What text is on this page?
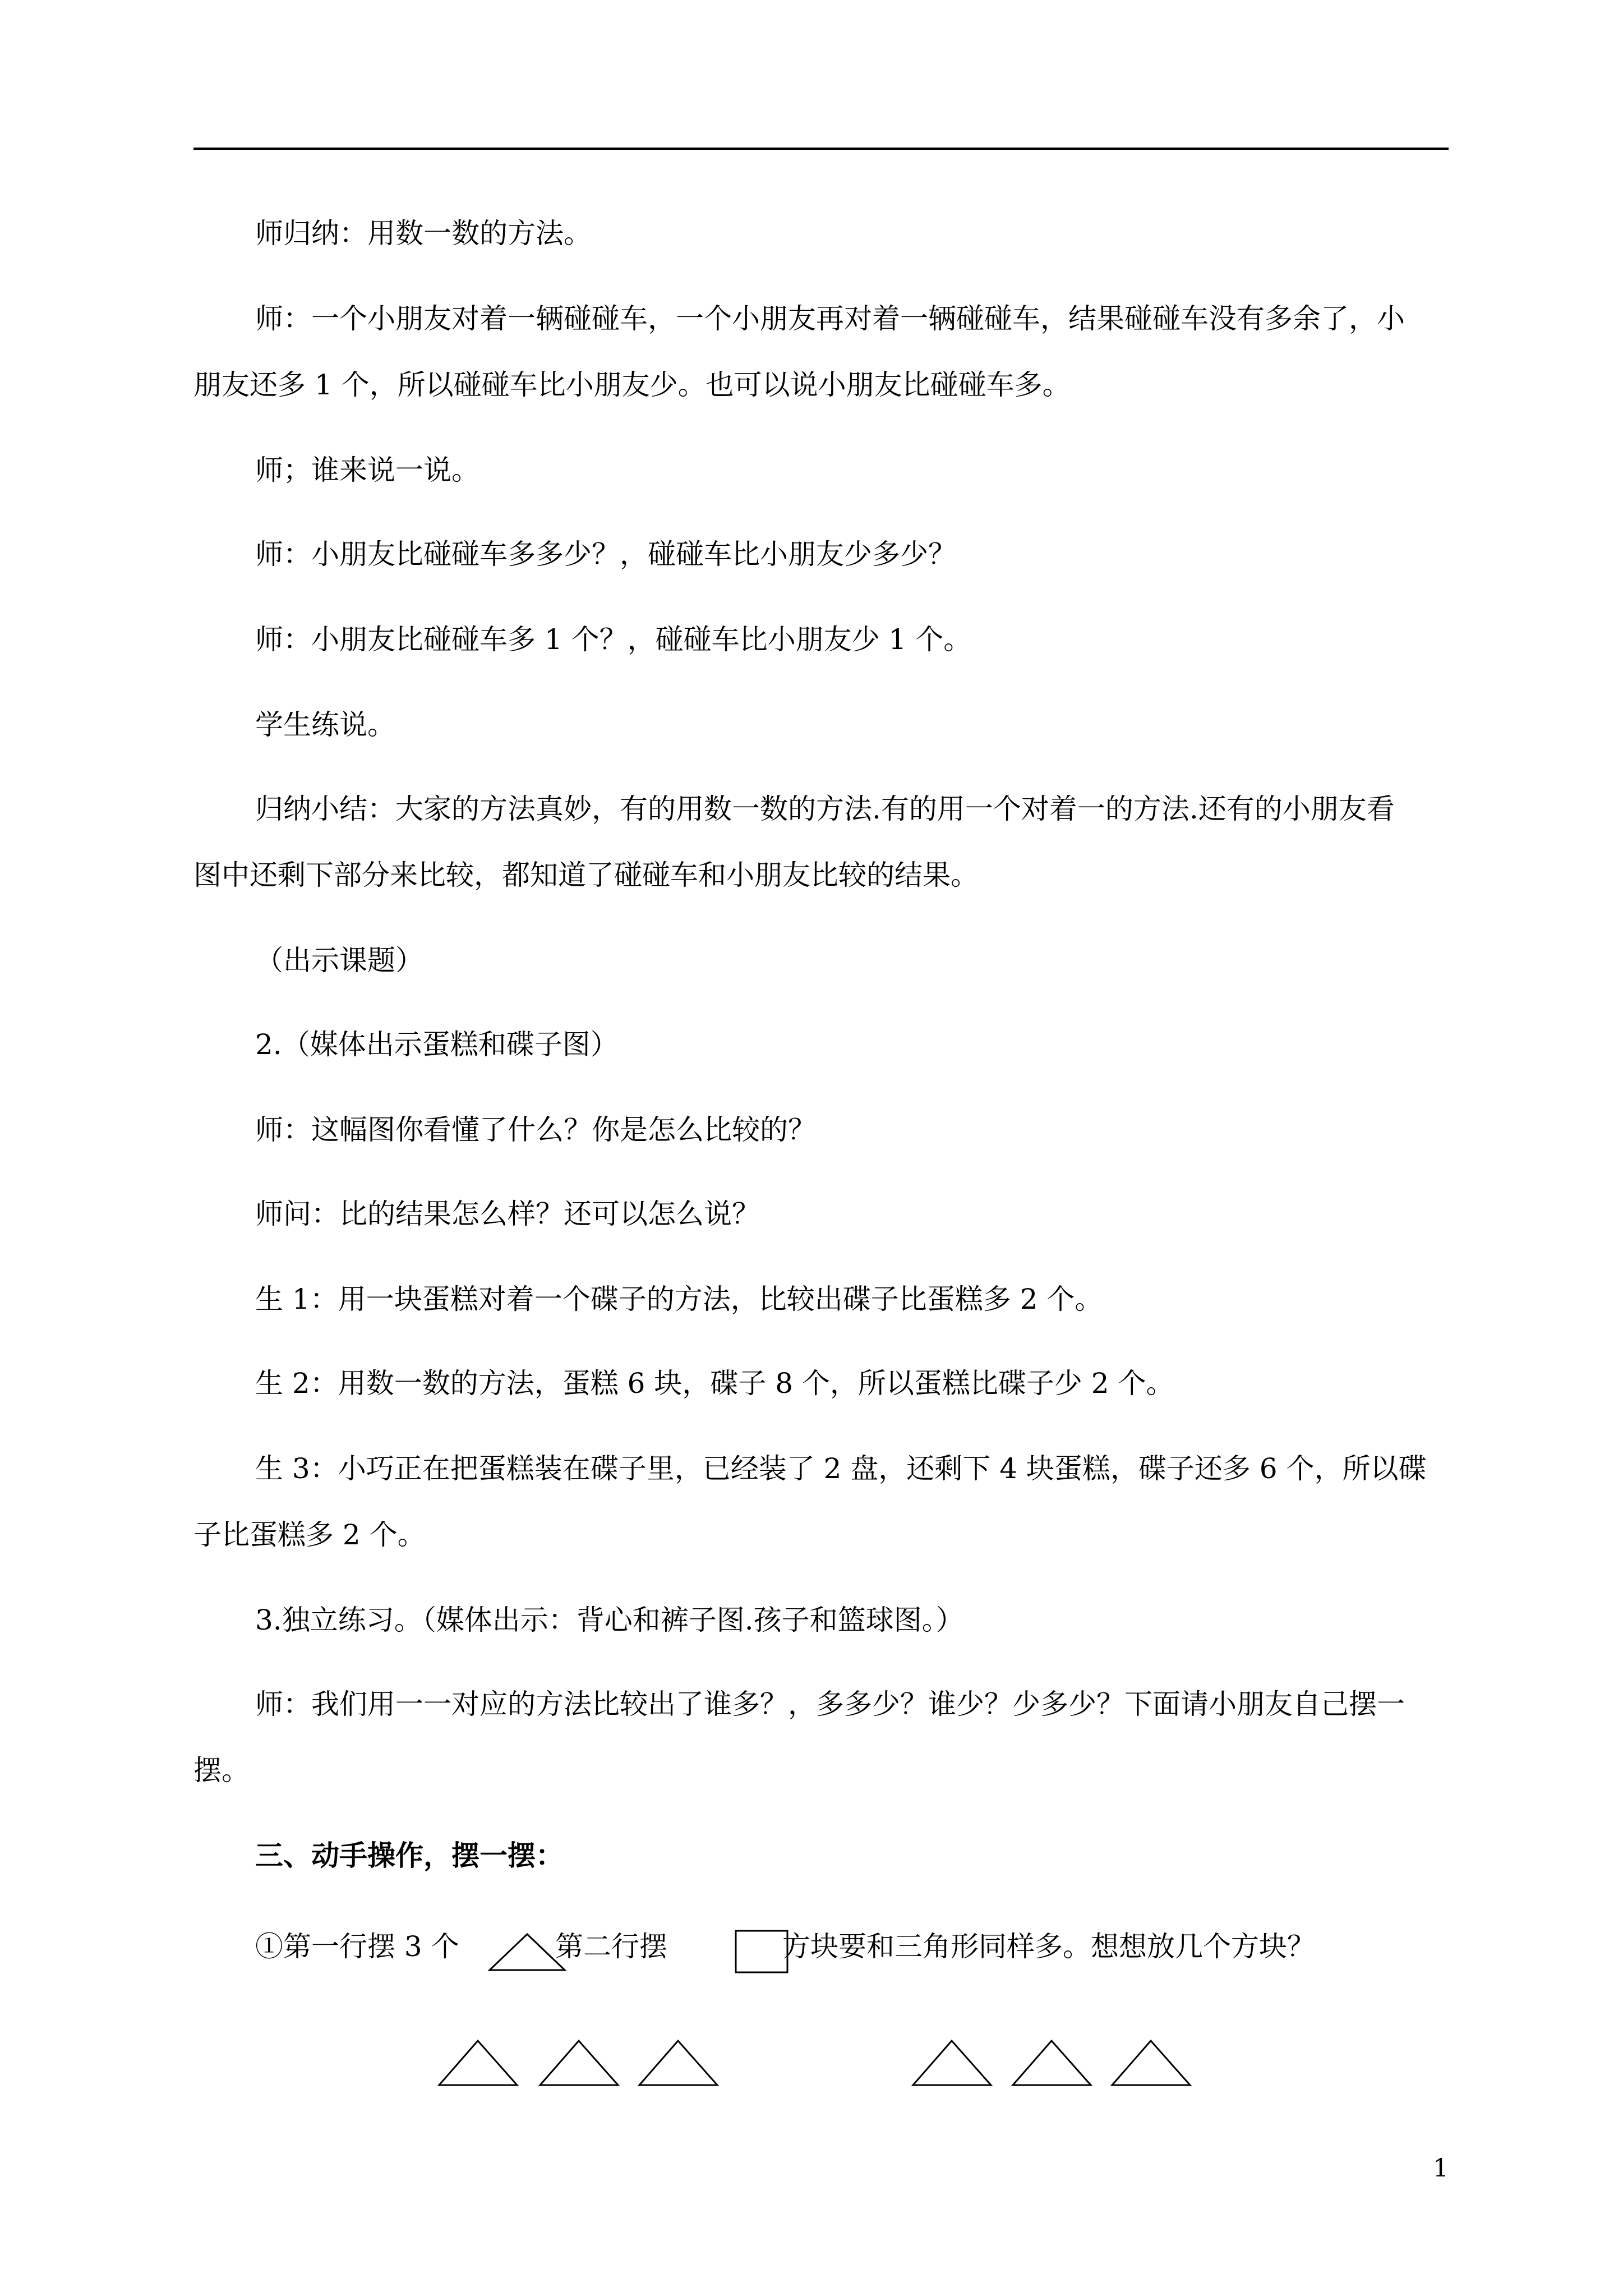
师归纳：用数一数的方法。
师：一个小朋友对着一辆碰碰车，一个小朋友再对着一辆碰碰车，结果碰碰车没有多余了，小
朋友还多 1 个，所以碰碰车比小朋友少。也可以说小朋友比碰碰车多。
师；谁来说一说。
师：小朋友比碰碰车多多少？，碰碰车比小朋友少多少？
师：小朋友比碰碰车多 1 个？，碰碰车比小朋友少 1 个。
学生练说。
归纳小结：大家的方法真妙，有的用数一数的方法.有的用一个对着一的方法.还有的小朋友看
图中还剩下部分来比较，都知道了碰碰车和小朋友比较的结果。
（出示课题）
2.（媒体出示蛋糕和碟子图）
师：这幅图你看懂了什么？你是怎么比较的？
师问：比的结果怎么样？还可以怎么说？
生 1：用一块蛋糕对着一个碟子的方法，比较出碟子比蛋糕多 2 个。
生 2：用数一数的方法，蛋糕 6 块，碟子 8 个，所以蛋糕比碟子少 2 个。
生 3：小巧正在把蛋糕装在碟子里，已经装了 2 盘，还剩下 4 块蛋糕，碟子还多 6 个，所以碟
子比蛋糕多 2 个。
3.独立练习。（媒体出示：背心和裤子图.孩子和篮球图。）
师：我们用一一对应的方法比较出了谁多？，多多少？谁少？少多少？下面请小朋友自己摆一
摆。
三、动手操作，摆一摆：
①第一行摆 3 个	第二行摆	方块要和三角形同样多。想想放几个方块？
1
